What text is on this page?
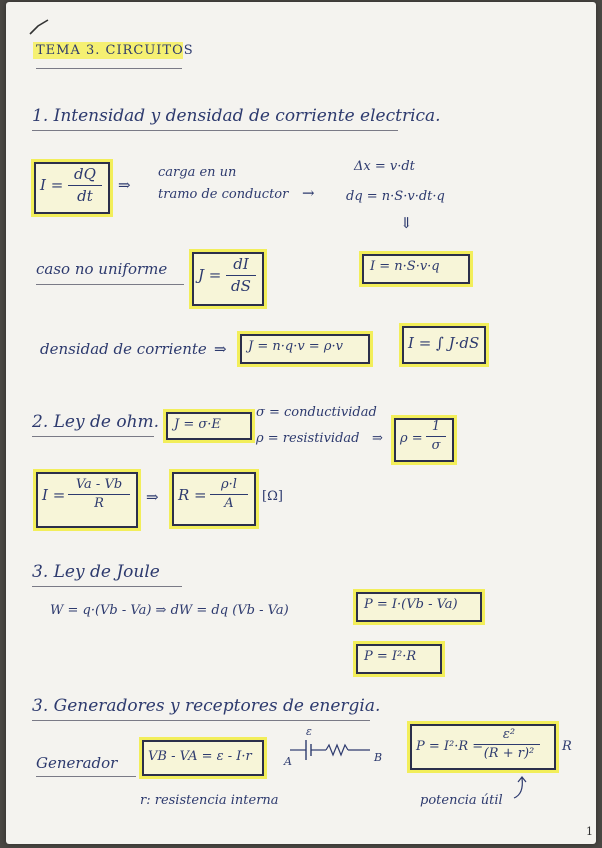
TEMA 3. CIRCUITOS
1. Intensidad y densidad de corriente electrica.
I =
dQ
dt
⇒
carga en un
tramo de conductor →
Δx = v·dt
dq = n·S·v·dt·q
⇓
I = n·S·v·q
caso no uniforme J =
dI
dS
densidad de corriente ⇒ J = n·q·v = ρ·v	I = ∫ J·dS
2. Ley de ohm. J = σ·E
σ = conductividad
ρ = resistividad ⇒ ρ =
1
σ
I =
Va - Vb
R	⇒ R =
ρ·l
A [Ω]
3. Ley de Joule
W = q·(Vb - Va) ⇒ dW = dq (Vb - Va)	P = I·(Vb - Va)
P = I²·R
3. Generadores y receptores de energia.
Generador VB - VA = ε - I·r
ε
A	B
P = I²·R =
ε²
(R + r)² R
r: resistencia interna	potencia útil
1
